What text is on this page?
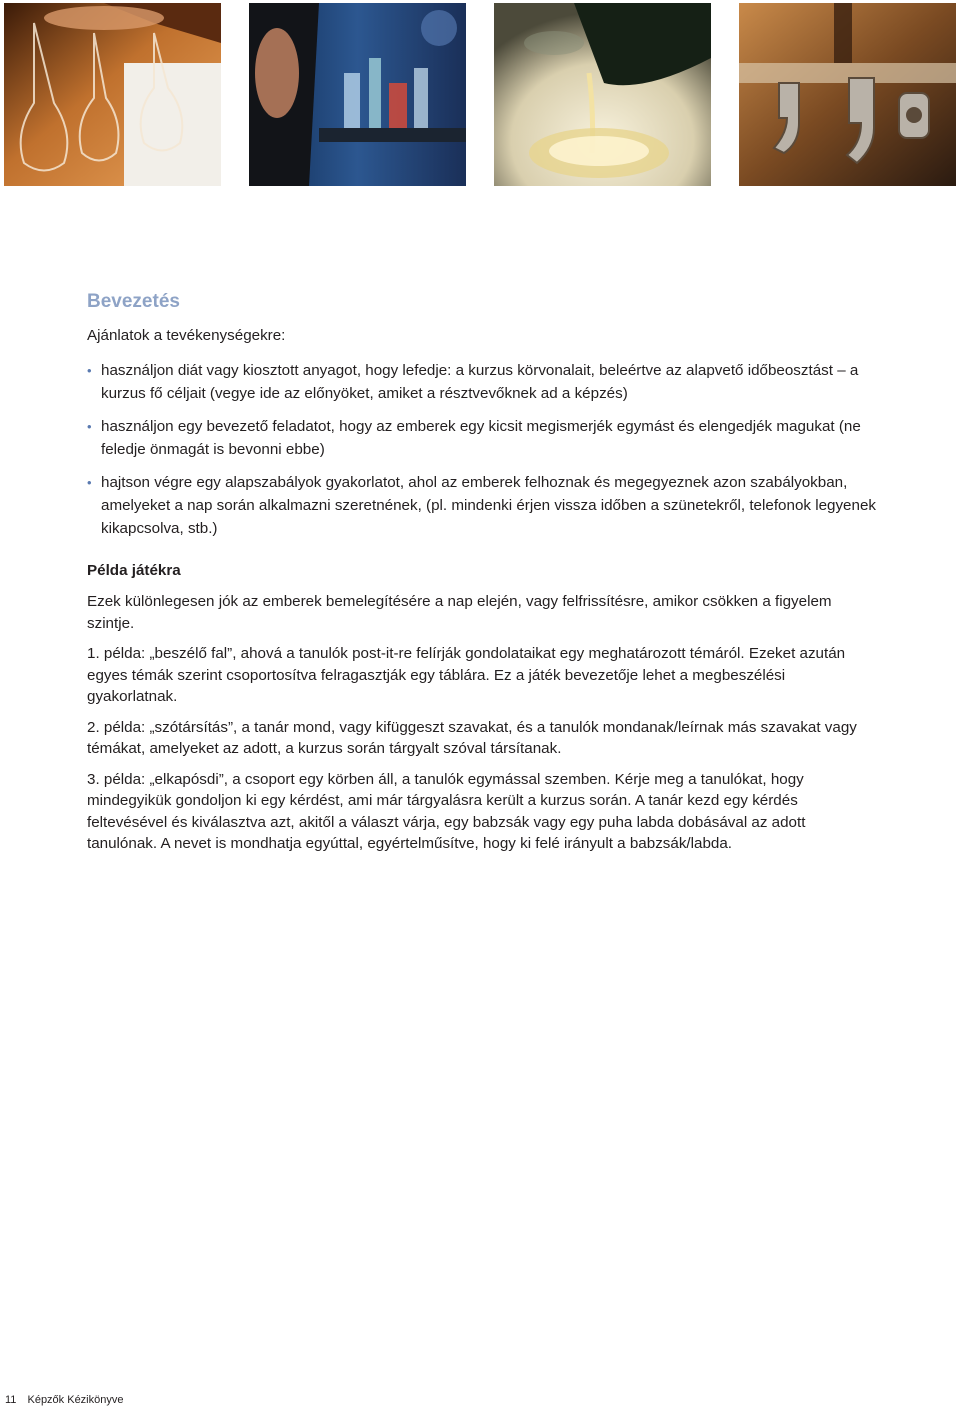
Bevezetés

Ajánlatok a tevékenységekre:

• használjon diát vagy kiosztott anyagot, hogy lefedje: a kurzus körvonalait, beleértve az alapvető időbeosztást – a kurzus fő céljait (vegye ide az előnyöket, amiket a résztvevőknek ad a képzés)
• használjon egy bevezető feladatot, hogy az emberek egy kicsit megismerjék egymást és elengedjék magukat (ne feledje önmagát is bevonni ebbe)
• hajtson végre egy alapszabályok gyakorlatot, ahol az emberek felhoznak és megegyeznek azon szabályokban, amelyeket a nap során alkalmazni szeretnének, (pl. mindenki érjen vissza időben a szünetekről, telefonok legyenek kikapcsolva, stb.)
Példa játékra

Ezek különlegesen jók az emberek bemelegítésére a nap elején, vagy felfrissítésre, amikor csökken a figyelem szintje.

1. példa: „beszélő fal”, ahová a tanulók post-it-re felírják gondolataikat egy meghatározott témáról. Ezeket azután egyes témák szerint csoportosítva felragasztják egy táblára. Ez a játék bevezetője lehet a megbeszélési gyakorlatnak.

2. példa: „szótársítás”, a tanár mond, vagy kifüggeszt szavakat, és a tanulók mondanak/leírnak más szavakat vagy témákat, amelyeket az adott, a kurzus során tárgyalt szóval társítanak.

3. példa: „elkapósdi”, a csoport egy körben áll, a tanulók egymással szemben. Kérje meg a tanulókat, hogy mindegyikük gondoljon ki egy kérdést, ami már tárgyalásra került a kurzus során. A tanár kezd egy kérdés feltevésével és kiválasztva azt, akitől a választ várja, egy babzsák vagy egy puha labda dobásával az adott tanulónak. A nevet is mondhatja egyúttal, egyértelműsítve, hogy ki felé irányult a babzsák/labda.

11 Képzők Kézikönyve
